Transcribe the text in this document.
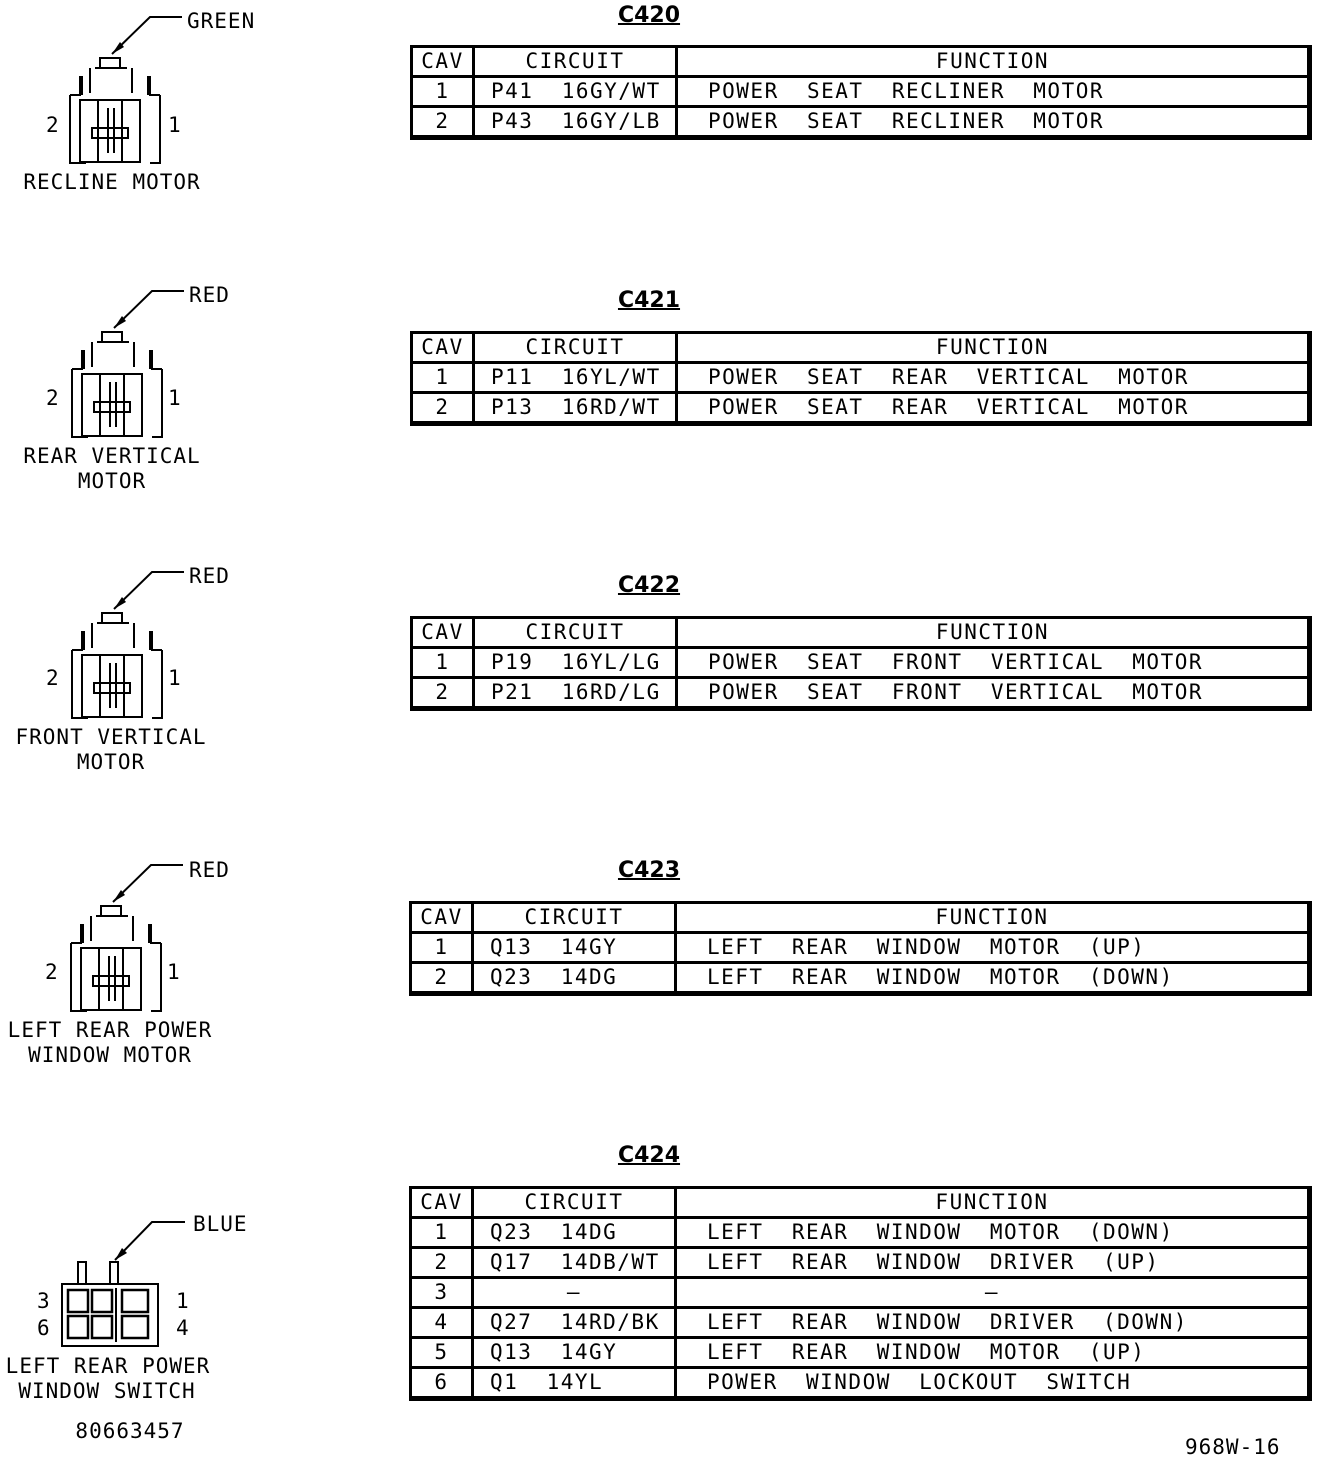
GREEN
2	1
RECLINE MOTOR
C420
CAV	CIRCUIT	FUNCTION
1	P41  16GY/WT	POWER  SEAT  RECLINER  MOTOR
2	P43  16GY/LB	POWER  SEAT  RECLINER  MOTOR
RED
2	1
REAR VERTICAL
MOTOR
C421
CAV	CIRCUIT	FUNCTION
1	P11  16YL/WT	POWER  SEAT  REAR  VERTICAL  MOTOR
2	P13  16RD/WT	POWER  SEAT  REAR  VERTICAL  MOTOR
RED
2	1
FRONT VERTICAL
MOTOR
C422
CAV	CIRCUIT	FUNCTION
1	P19  16YL/LG	POWER  SEAT  FRONT  VERTICAL  MOTOR
2	P21  16RD/LG	POWER  SEAT  FRONT  VERTICAL  MOTOR
RED
2	1
LEFT REAR POWER
WINDOW MOTOR
C423
CAV	CIRCUIT	FUNCTION
1	Q13  14GY	LEFT  REAR  WINDOW  MOTOR  (UP)
2	Q23  14DG	LEFT  REAR  WINDOW  MOTOR  (DOWN)
BLUE
3
6
1
4
LEFT REAR POWER
WINDOW SWITCH
80663457
C424
CAV	CIRCUIT	FUNCTION
1	Q23  14DG	LEFT  REAR  WINDOW  MOTOR  (DOWN)
2	Q17  14DB/WT	LEFT  REAR  WINDOW  DRIVER  (UP)
3	–	–
4	Q27  14RD/BK	LEFT  REAR  WINDOW  DRIVER  (DOWN)
5	Q13  14GY	LEFT  REAR  WINDOW  MOTOR  (UP)
6	Q1  14YL	POWER  WINDOW  LOCKOUT  SWITCH
968W-16
